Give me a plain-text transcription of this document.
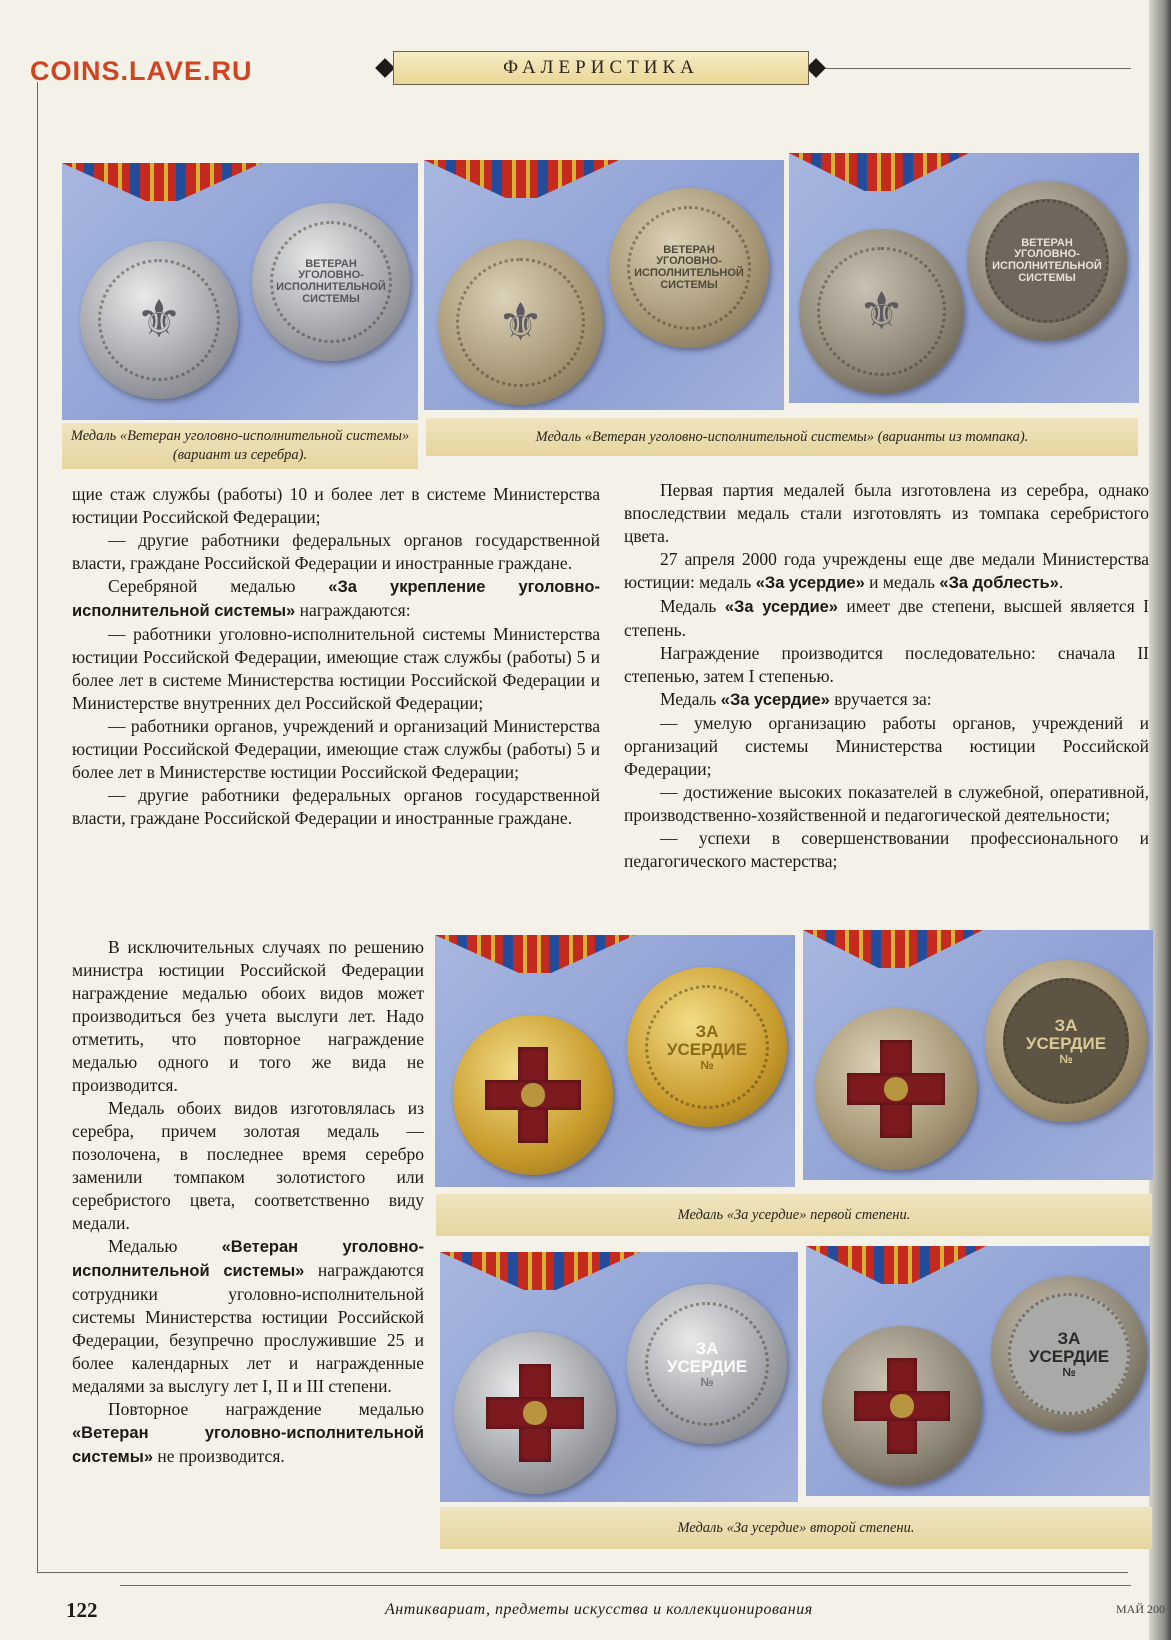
COINS.LAVE.RU	ФАЛЕРИСТИКА
⚜
ВЕТЕРАН
УГОЛОВНО-
ИСПОЛНИТЕЛЬНОЙ
СИСТЕМЫ	⚜
ВЕТЕРАН
УГОЛОВНО-
ИСПОЛНИТЕЛЬНОЙ
СИСТЕМЫ	⚜
ВЕТЕРАН
УГОЛОВНО-
ИСПОЛНИТЕЛЬНОЙ
СИСТЕМЫ
Медаль «Ветеран уголовно-исполнительной системы» (вариант из серебра).
Медаль «Ветеран уголовно-исполнительной системы» (варианты из томпака).

щие стаж службы (работы) 10 и более лет в системе Министерства юстиции Российской Федерации;

— другие работники федеральных органов государственной власти, граждане Российской Федерации и иностранные граждане.

Серебряной медалью «За укрепление уголовно-исполнительной системы» награждаются:

— работники уголовно-исполнительной системы Министерства юстиции Российской Федерации, имеющие стаж службы (работы) 5 и более лет в системе Министерства юстиции Российской Федерации и Министерстве внутренних дел Российской Федерации;

— работники органов, учреждений и организаций Министерства юстиции Российской Федерации, имеющие стаж службы (работы) 5 и более лет в Министерстве юстиции Российской Федерации;

— другие работники федеральных органов государственной власти, граждане Российской Федерации и иностранные граждане.

Первая партия медалей была изготовлена из серебра, однако впоследствии медаль стали изготовлять из томпака серебристого цвета.

27 апреля 2000 года учреждены еще две медали Министерства юстиции: медаль «За усердие» и медаль «За доблесть».

Медаль «За усердие» имеет две степени, высшей является I степень.

Награждение производится последовательно: сначала II степенью, затем I степенью.

Медаль «За усердие» вручается за:

— умелую организацию работы органов, учреждений и организаций системы Министерства юстиции Российской Федерации;

— достижение высоких показателей в служебной, оперативной, производственно-хозяйственной и педагогической деятельности;

— успехи в совершенствовании профессионального и педагогического мастерства;

В исключительных случаях по решению министра юстиции Российской Федерации награждение медалью обоих видов может производиться без учета выслуги лет. Надо отметить, что повторное награждение медалью одного и того же вида не производится.

Медаль обоих видов изготовлялась из серебра, причем золотая медаль — позолочена, в последнее время серебро заменили томпаком золотистого или серебристого цвета, соответственно виду медали.

Медалью «Ветеран уголовно-исполнительной системы» награждаются сотрудники уголовно-исполнительной системы Министерства юстиции Российской Федерации, безупречно прослужившие 25 и более календарных лет и награжденные медалями за выслугу лет I, II и III степени.

Повторное награждение медалью «Ветеран уголовно-исполнительной системы» не производится.

ЗА
УСЕРДИЕ
№
ЗА
УСЕРДИЕ
№
Медаль «За усердие» первой степени.
ЗА
УСЕРДИЕ
№
ЗА
УСЕРДИЕ
№
Медаль «За усердие» второй степени.
122	Антиквариат, предметы искусства и коллекционирования	МАЙ 200
